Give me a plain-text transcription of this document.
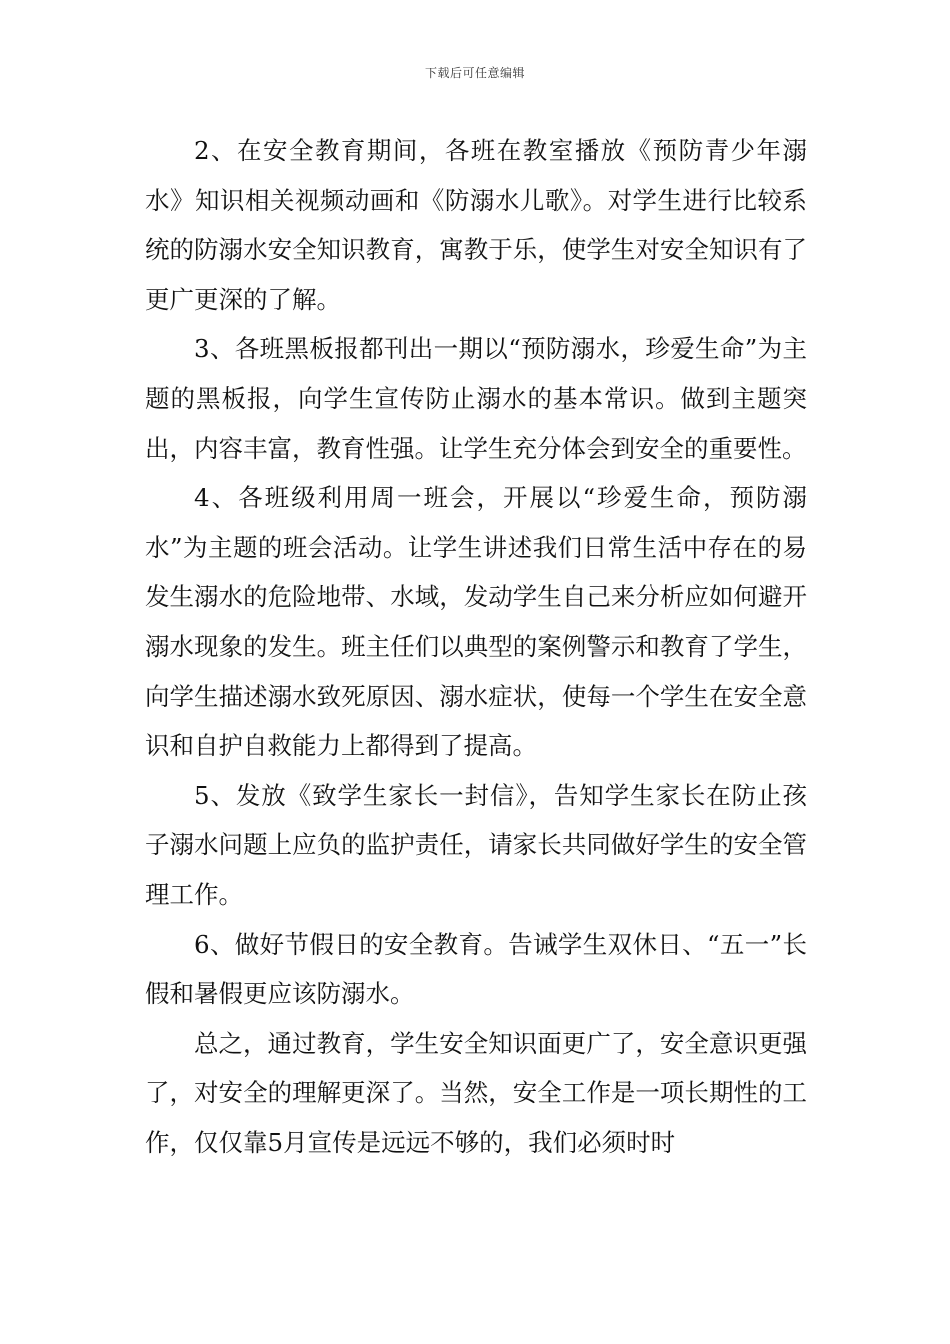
下载后可任意编辑

2、在安全教育期间，各班在教室播放《预防青少年溺水》知识相关视频动画和《防溺水儿歌》。对学生进行比较系统的防溺水安全知识教育，寓教于乐，使学生对安全知识有了更广更深的了解。

3、各班黑板报都刊出一期以“预防溺水，珍爱生命”为主题的黑板报，向学生宣传防止溺水的基本常识。做到主题突出，内容丰富，教育性强。让学生充分体会到安全的重要性。

4、各班级利用周一班会，开展以“珍爱生命，预防溺水”为主题的班会活动。让学生讲述我们日常生活中存在的易发生溺水的危险地带、水域，发动学生自己来分析应如何避开溺水现象的发生。班主任们以典型的案例警示和教育了学生，向学生描述溺水致死原因、溺水症状，使每一个学生在安全意识和自护自救能力上都得到了提高。

5、发放《致学生家长一封信》，告知学生家长在防止孩子溺水问题上应负的监护责任，请家长共同做好学生的安全管理工作。

6、做好节假日的安全教育。告诫学生双休日、“五一”长假和暑假更应该防溺水。

总之，通过教育，学生安全知识面更广了，安全意识更强了，对安全的理解更深了。当然，安全工作是一项长期性的工作，仅仅靠5月宣传是远远不够的，我们必须时时
